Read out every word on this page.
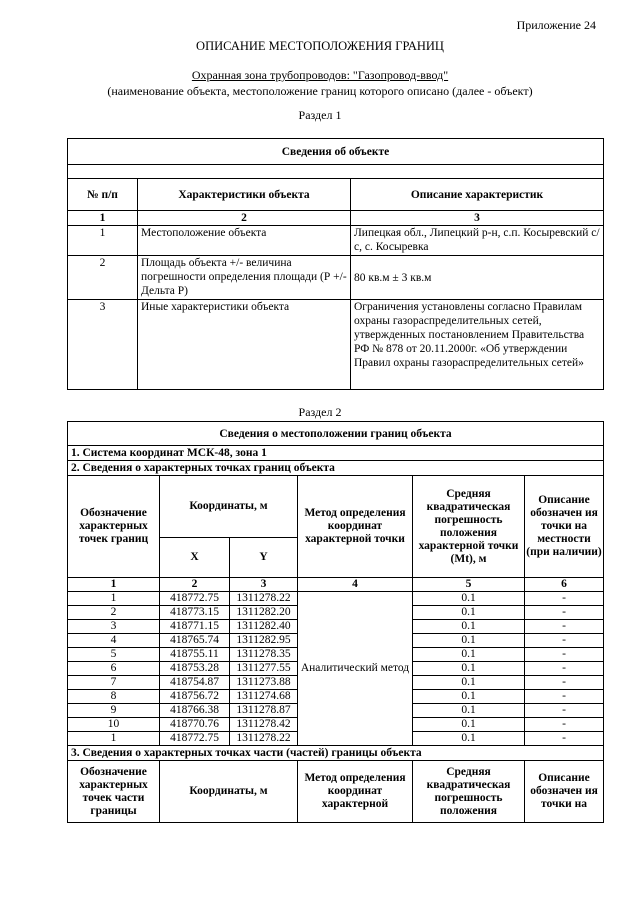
Приложение 24
ОПИСАНИЕ МЕСТОПОЛОЖЕНИЯ ГРАНИЦ
Охранная зона трубопроводов: "Газопровод-ввод"
(наименование объекта, местоположение границ которого описано (далее - объект)
Раздел 1
Сведения об объекте		

№ п/п	Характеристики объекта	Описание характеристик
1	2	3
1	Местоположение объекта	Липецкая обл., Липецкий р-н, с.п. Косыревский с/с, с. Косыревка
2	Площадь объекта +/- величина погрешности определения площади (Р +/- Дельта Р)	80 кв.м ± 3 кв.м
3	Иные характеристики объекта	Ограничения установлены согласно Правилам охраны газораспределительных сетей, утвержденных постановлением Правительства РФ № 878 от 20.11.2000г. «Об утверждении Правил охраны газораспределительных сетей»
Раздел 2
Сведения о местоположении границ объекта					
1. Система координат МСК-48, зона 1					
2. Сведения о характерных точках границ объекта					
Обозначение характерных точек границ	Координаты, м		Метод определения координат характерной точки	Средняя квадратическая погрешность положения характерной точки (Mt), м	Описание обозначен ия точки на местности (при наличии)
	X	Y			
1	2	3	4	5	6
1	418772.75	1311278.22	Аналитический метод	0.1	-
2	418773.15	1311282.20		0.1	-
3	418771.15	1311282.40		0.1	-
4	418765.74	1311282.95		0.1	-
5	418755.11	1311278.35		0.1	-
6	418753.28	1311277.55		0.1	-
7	418754.87	1311273.88		0.1	-
8	418756.72	1311274.68		0.1	-
9	418766.38	1311278.87		0.1	-
10	418770.76	1311278.42		0.1	-
1	418772.75	1311278.22		0.1	-
3. Сведения о характерных точках части (частей) границы объекта					
Обозначение характерных точек части границы	Координаты, м		Метод определения координат характерной	Средняя квадратическая погрешность положения	Описание обозначен ия точки на
